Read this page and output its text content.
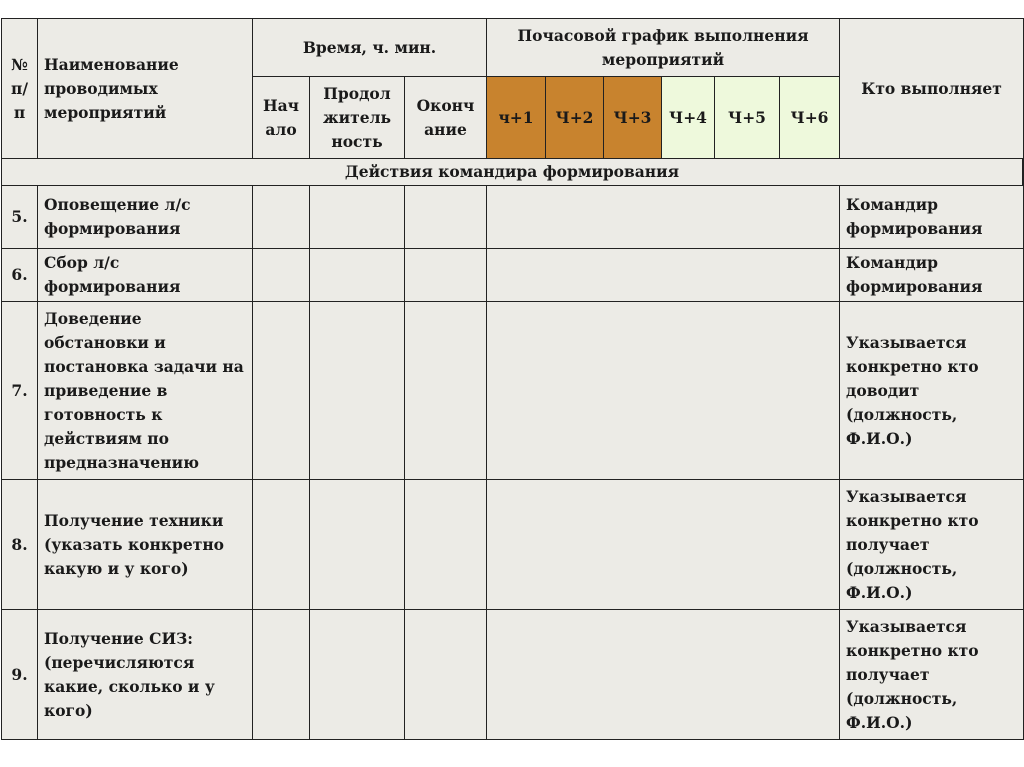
№ п/п	Наименование проводимых мероприятий	Время, ч. мин.			Почасовой график выполнения мероприятий						Кто выполняет
		Нач ало	Продол житель ность	Оконч ание	ч+1	Ч+2	Ч+3	Ч+4	Ч+5	Ч+6	
Действия командира формирования											
5.	Оповещение л/с формирования										Командир формирования
6.	Сбор л/с формирования										Командир формирования
7.	Доведение обстановки и постановка задачи на приведение в готовность к действиям по предназначению										Указывается конкретно кто доводит (должность, Ф.И.О.)
8.	Получение техники (указать конкретно какую и у кого)										Указывается конкретно кто получает (должность, Ф.И.О.)
9.	Получение СИЗ: (перечисляются какие, сколько и у кого)										Указывается конкретно кто получает (должность, Ф.И.О.)
